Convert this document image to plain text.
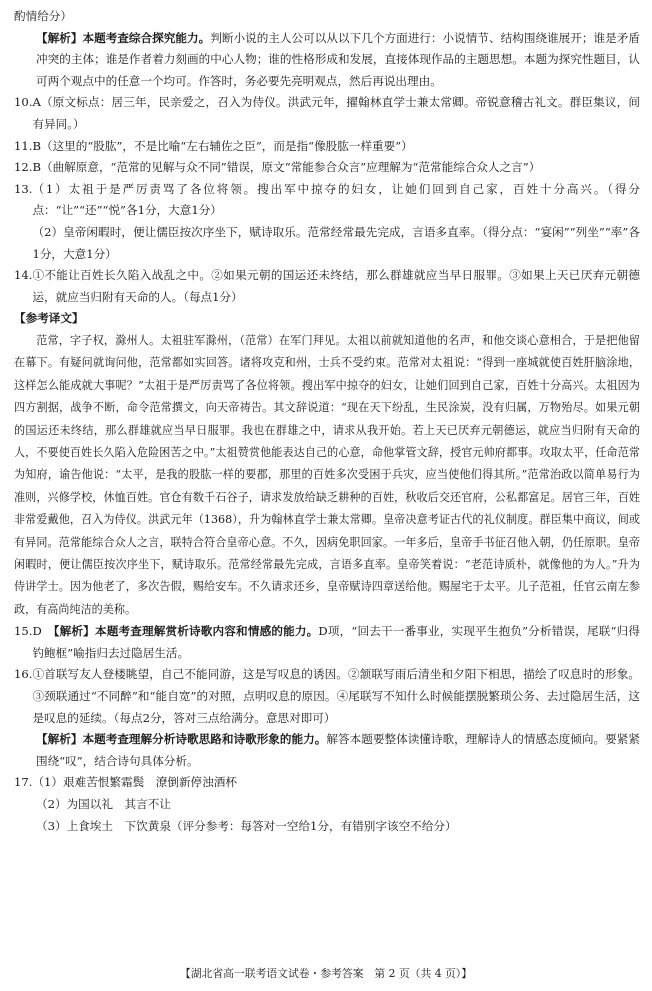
酌情给分）

【解析】本题考查综合探究能力。判断小说的主人公可以从以下几个方面进行：小说情节、结构围绕谁展开；谁是矛盾冲突的主体；谁是作者着力刻画的中心人物；谁的性格形成和发展，直接体现作品的主题思想。本题为探究性题目，认可两个观点中的任意一个均可。作答时，务必要先亮明观点，然后再说出理由。

10. A（原文标点：居三年，民亲爱之，召入为侍仪。洪武元年，擢翰林直学士兼太常卿。帝锐意稽古礼文。群臣集议，间有异同。）

11. B（这里的“股肱”，不是比喻“左右辅佐之臣”，而是指“像股肱一样重要”）

12. B（曲解原意，“范常的见解与众不同”错误，原文“常能参合众言”应理解为“范常能综合众人之言”）

13. （1）太祖于是严厉责骂了各位将领。搜出军中掠夺的妇女，让她们回到自己家，百姓十分高兴。（得分点：“让”“还”“悦”各1分，大意1分）

（2）皇帝闲暇时，便让儒臣按次序坐下，赋诗取乐。范常经常最先完成，言语多直率。（得分点：“宴闲”“列坐”“率”各1分，大意1分）

14. ①不能让百姓长久陷入战乱之中。②如果元朝的国运还未终结，那么群雄就应当早日服罪。③如果上天已厌弃元朝德运，就应当归附有天命的人。（每点1分）

【参考译文】

范常，字子权，滁州人。太祖驻军滁州，（范常）在军门拜见。太祖以前就知道他的名声，和他交谈心意相合，于是把他留在幕下。有疑问就询问他，范常都如实回答。诸将攻克和州，士兵不受约束。范常对太祖说：“得到一座城就使百姓肝脑涂地，这样怎么能成就大事呢？”太祖于是严厉责骂了各位将领。搜出军中掠夺的妇女，让她们回到自己家，百姓十分高兴。太祖因为四方割据，战争不断，命令范常撰文，向天帝祷告。其文辞说道：“现在天下纷乱，生民涂炭，没有归属，万物殆尽。如果元朝的国运还未终结，那么群雄就应当早日服罪。我也在群雄之中，请求从我开始。若上天已厌弃元朝德运，就应当归附有天命的人，不要使百姓长久陷入危险困苦之中。”太祖赞赏他能表达自己的心意，命他掌管文辞，授官元帅府都事。攻取太平，任命范常为知府，谕告他说：“太平，是我的股肱一样的要郡，那里的百姓多次受困于兵灾，应当使他们得其所。”范常治政以简单易行为准则，兴修学校，休恤百姓。官仓有数千石谷子，请求发放给缺乏耕种的百姓，秋收后交还官府，公私都富足。居官三年，百姓非常爱戴他，召入为侍仪。洪武元年（1368），升为翰林直学士兼太常卿。皇帝决意考证古代的礼仪制度。群臣集中商议，间或有异同。范常能综合众人之言，联特合符合皇帝心意。不久，因病免职回家。一年多后，皇帝手书征召他入朝，仍任原职。皇帝闲暇时，便让儒臣按次序坐下，赋诗取乐。范常经常最先完成，言语多直率。皇帝笑着说：“老范诗质朴，就像他的为人。”升为侍讲学士。因为他老了，多次告假，赐给安车。不久请求还乡，皇帝赋诗四章送给他。赐屋宅于太平。儿子范祖，任官云南左参政，有高尚纯洁的美称。

15. D　 【解析】本题考查理解赏析诗歌内容和情感的能力。D项，“回去干一番事业，实现平生抱负”分析错误，尾联“归得钓鲍框”喻指归去过隐居生活。

16. ①首联写友人登楼眺望，自己不能同游，这是写叹息的诱因。②颔联写雨后清坐和夕阳下相思，描绘了叹息时的形象。③颈联通过“不同醉”和“能自宽”的对照，点明叹息的原因。④尾联写不知什么时候能摆脱繁琐公务、去过隐居生活，这是叹息的延续。（每点2分，答对三点给满分。意思对即可）

【解析】本题考查理解分析诗歌思路和诗歌形象的能力。解答本题要整体读懂诗歌，理解诗人的情感态度倾向。要紧紧围绕“叹”，结合诗句具体分析。

17. （1）艰难苦恨繁霜鬓　潦倒新停浊酒杯

（2）为国以礼　其言不让

（3）上食埃土　下饮黄泉（评分参考：每答对一空给1分，有错别字该空不给分）

【湖北省高一联考语文试卷・参考答案　第 2 页（共 4 页）】
